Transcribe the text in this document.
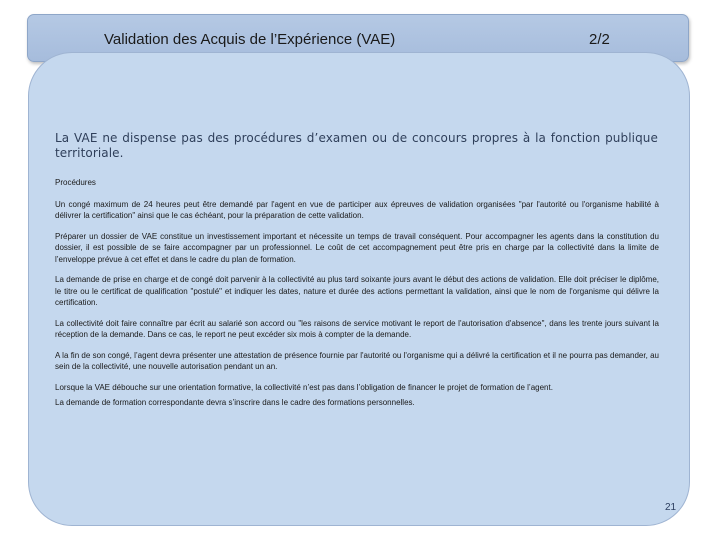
Validation des Acquis de l’Expérience (VAE)	2/2
La VAE ne dispense pas des procédures d’examen ou de concours propres à la fonction publique territoriale.

Procédures

Un congé maximum de 24 heures peut être demandé par l'agent en vue de participer aux épreuves de validation organisées "par l'autorité ou l'organisme habilité à délivrer la certification" ainsi que le cas échéant, pour la préparation de cette validation.

Préparer un dossier de VAE constitue un investissement important et nécessite un temps de travail conséquent. Pour accompagner les agents dans la constitution du dossier, il est possible de se faire accompagner par un professionnel. Le coût de cet accompagnement peut être pris en charge par la collectivité dans la limite de l’enveloppe prévue à cet effet et dans le cadre du plan de formation.

La demande de prise en charge et de congé doit parvenir à la collectivité au plus tard soixante jours avant le début des actions de validation. Elle doit préciser le diplôme, le titre ou le certificat de qualification "postulé" et indiquer les dates, nature et durée des actions permettant la validation, ainsi que le nom de l'organisme qui délivre la certification.

La collectivité doit faire connaître par écrit au salarié son accord ou "les raisons de service motivant le report de l'autorisation d'absence", dans les trente jours suivant la réception de la demande. Dans ce cas, le report ne peut excéder six mois à compter de la demande.

A la fin de son congé, l’agent devra présenter une attestation de présence fournie par l'autorité ou l'organisme qui a délivré la certification et il ne pourra pas demander, au sein de la collectivité, une nouvelle autorisation pendant un an.

Lorsque la VAE débouche sur une orientation formative, la collectivité n’est pas dans l’obligation de financer le projet de formation de l’agent.

La demande de formation correspondante devra s’inscrire dans le cadre des formations personnelles.

21
